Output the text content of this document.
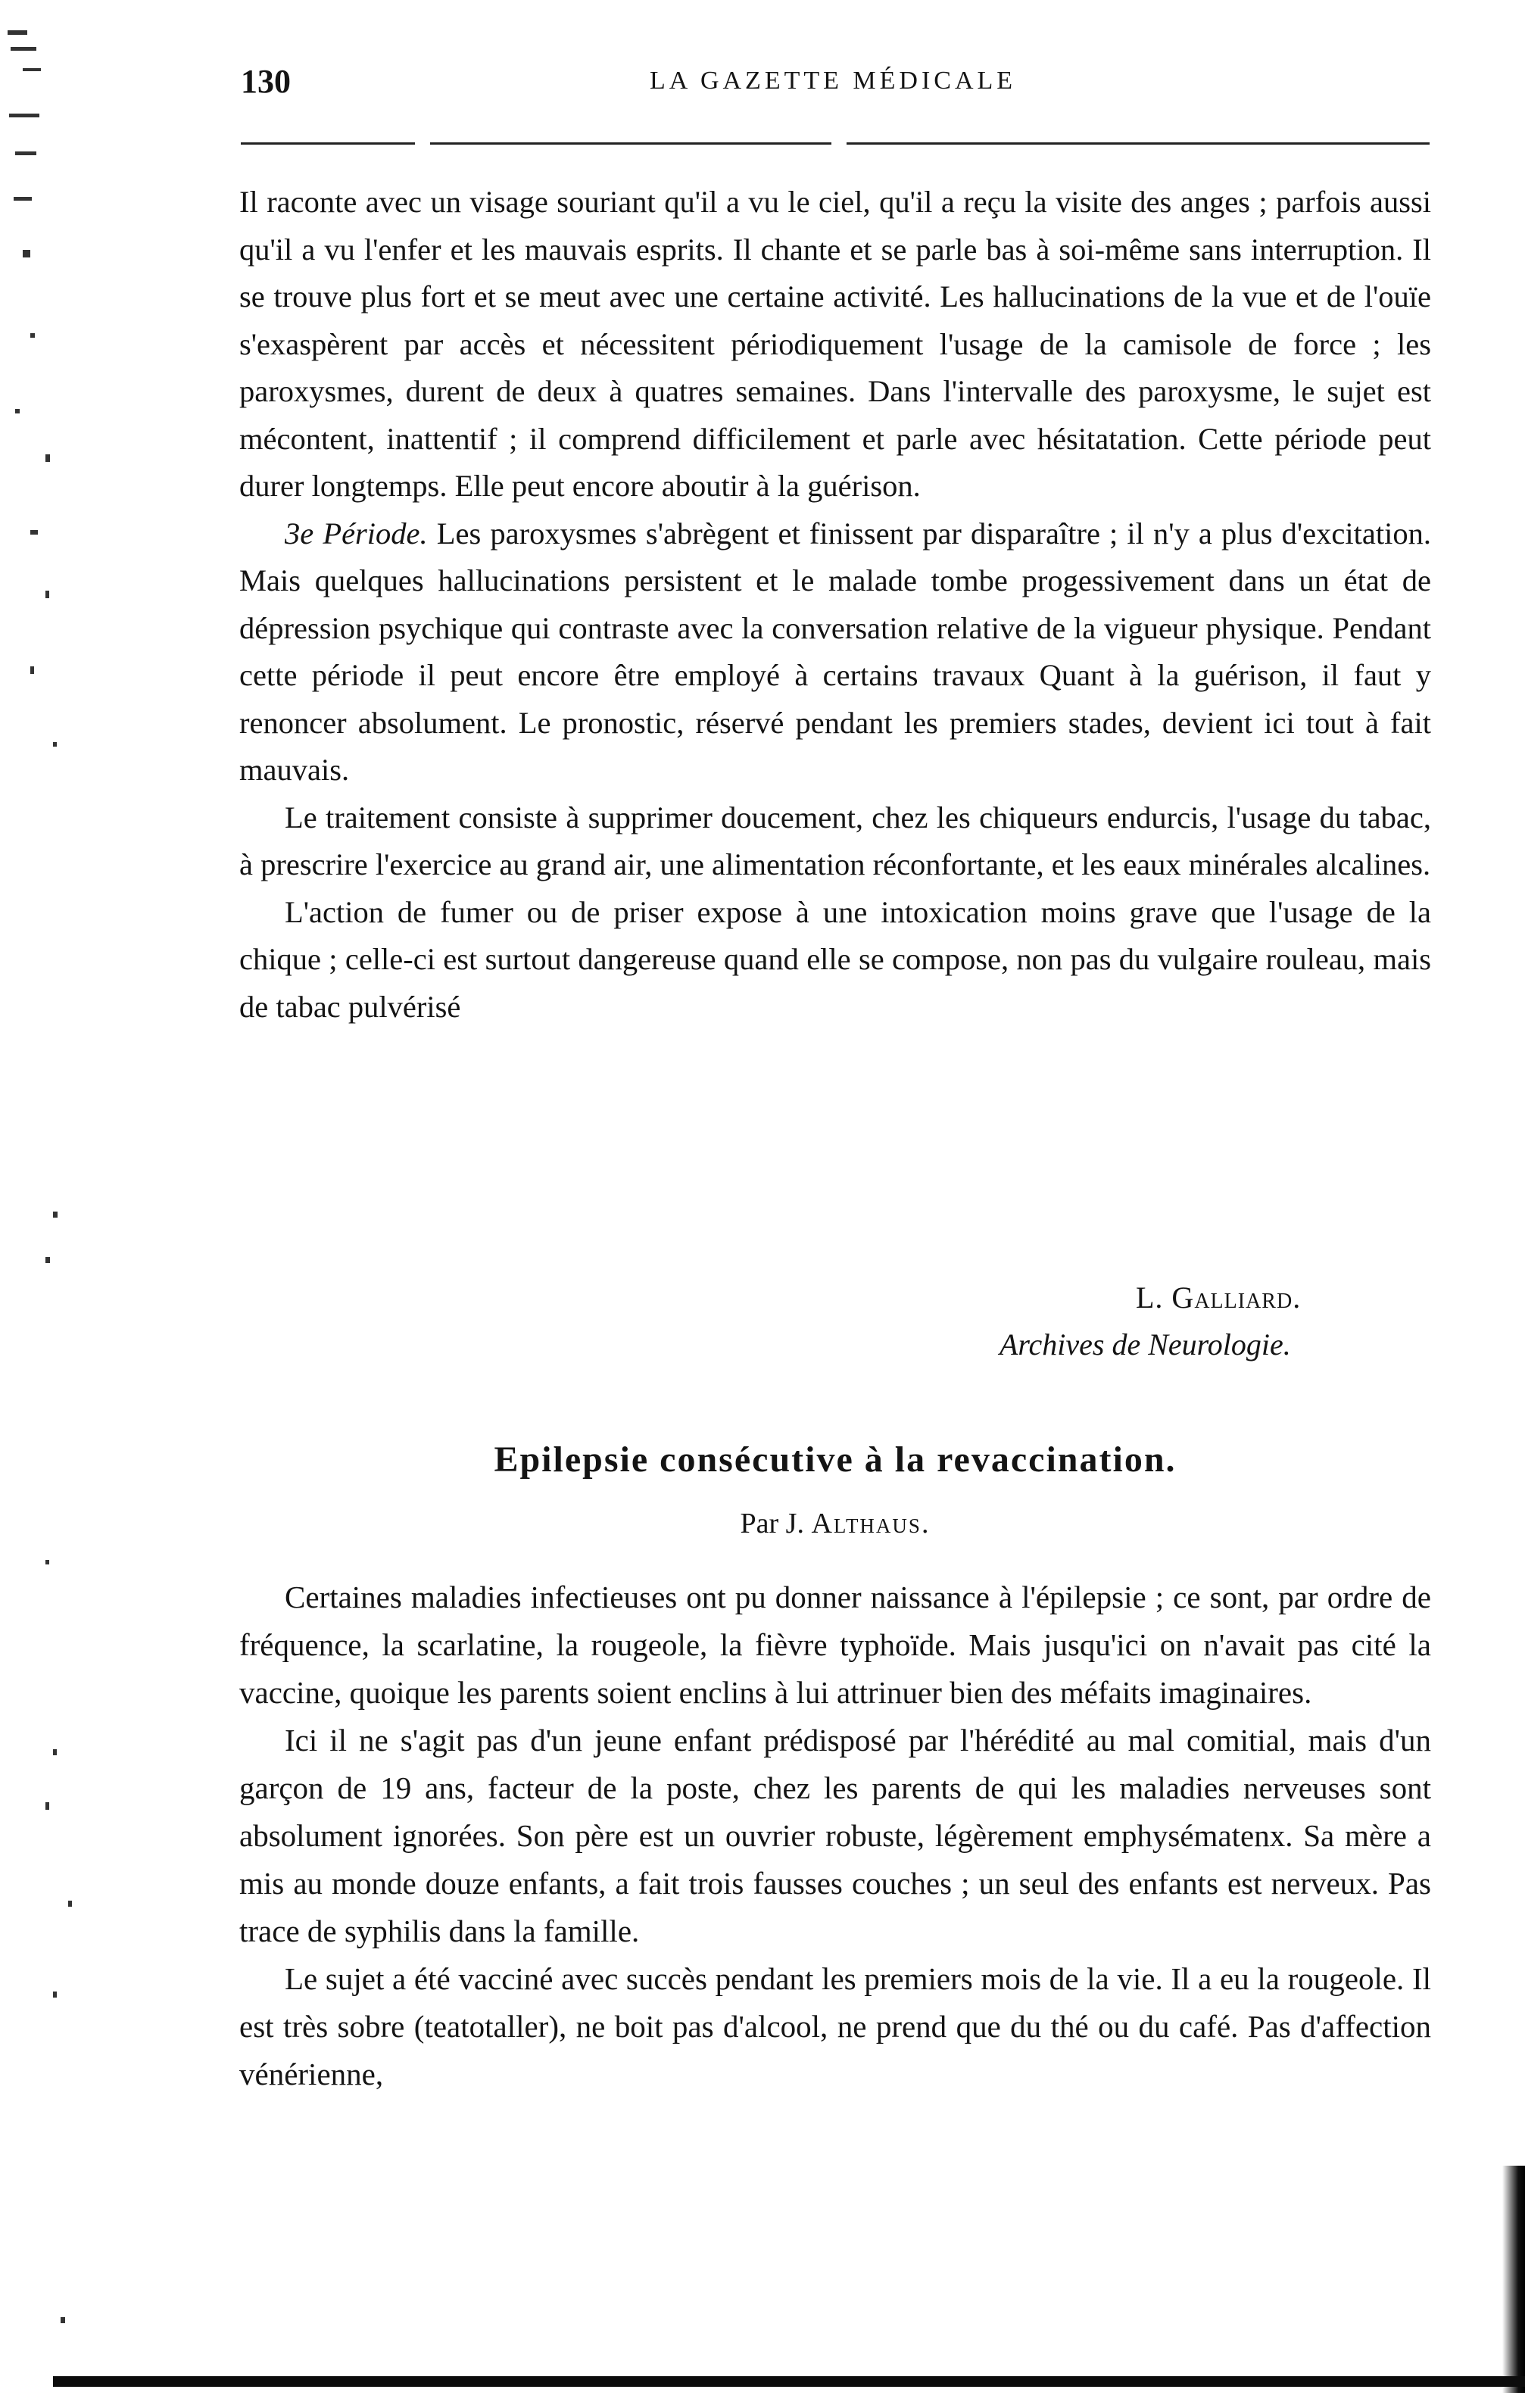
130	LA GAZETTE MÉDICALE

Il raconte avec un visage souriant qu'il a vu le ciel, qu'il a reçu la visite des anges ; parfois aussi qu'il a vu l'enfer et les mauvais esprits. Il chante et se parle bas à soi-même sans interruption. Il se trouve plus fort et se meut avec une certaine activité. Les hallucinations de la vue et de l'ouïe s'exaspèrent par accès et nécessitent périodiquement l'usage de la camisole de force ; les paroxysmes, durent de deux à quatres semaines. Dans l'intervalle des paroxysme, le sujet est mécontent, inattentif ; il comprend difficilement et parle avec hésitatation. Cette période peut durer longtemps. Elle peut encore aboutir à la guérison.

3e Période. Les paroxysmes s'abrègent et finissent par disparaître ; il n'y a plus d'excitation. Mais quelques hallucinations persistent et le malade tombe progessivement dans un état de dépression psychique qui contraste avec la conversation relative de la vigueur physique. Pendant cette période il peut encore être employé à certains travaux Quant à la guérison, il faut y renoncer absolument. Le pronostic, réservé pendant les premiers stades, devient ici tout à fait mauvais.

Le traitement consiste à supprimer doucement, chez les chiqueurs endurcis, l'usage du tabac, à prescrire l'exercice au grand air, une alimentation réconfortante, et les eaux minérales alcalines.

L'action de fumer ou de priser expose à une intoxication moins grave que l'usage de la chique ; celle-ci est surtout dangereuse quand elle se compose, non pas du vulgaire rouleau, mais de tabac pulvérisé

L. Galliard.
Archives de Neurologie.
Epilepsie consécutive à la revaccination.
Par J. Althaus.

Certaines maladies infectieuses ont pu donner naissance à l'épilepsie ; ce sont, par ordre de fréquence, la scarlatine, la rougeole, la fièvre typhoïde. Mais jusqu'ici on n'avait pas cité la vaccine, quoique les parents soient enclins à lui attrinuer bien des méfaits imaginaires.

Ici il ne s'agit pas d'un jeune enfant prédisposé par l'hérédité au mal comitial, mais d'un garçon de 19 ans, facteur de la poste, chez les parents de qui les maladies nerveuses sont absolument ignorées. Son père est un ouvrier robuste, légèrement emphysématenx. Sa mère a mis au monde douze enfants, a fait trois fausses couches ; un seul des enfants est nerveux. Pas trace de syphilis dans la famille.

Le sujet a été vacciné avec succès pendant les premiers mois de la vie. Il a eu la rougeole. Il est très sobre (teatotaller), ne boit pas d'alcool, ne prend que du thé ou du café. Pas d'affection vénérienne,
